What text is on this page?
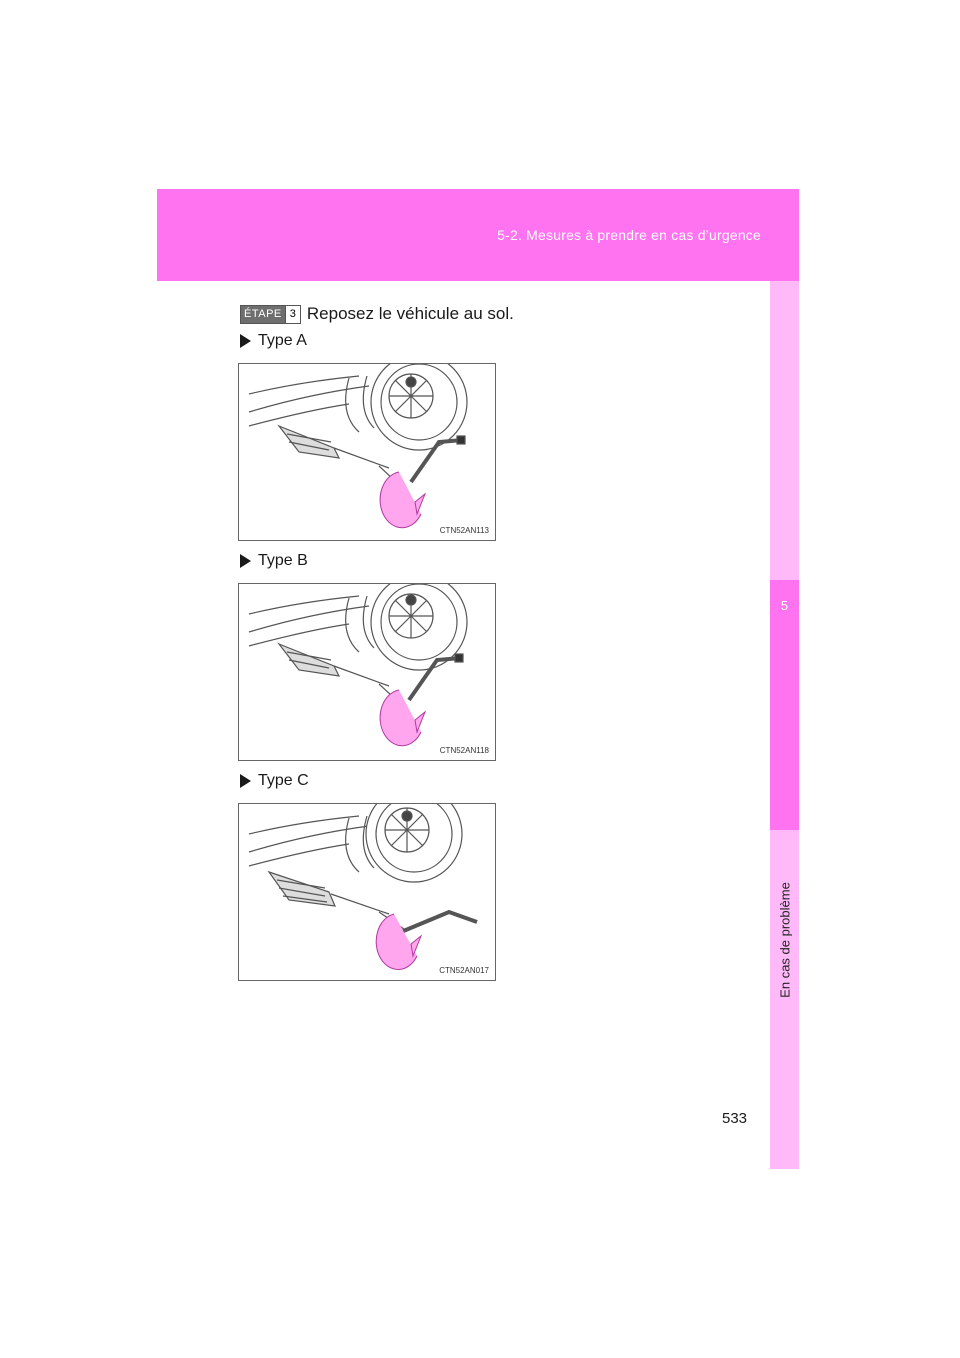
5-2. Mesures à prendre en cas d’urgence
5
En cas de problème
ÉTAPE 3 Reposez le véhicule au sol.
Type A
CTN52AN113
Type B
CTN52AN118
Type C
CTN52AN017
533
